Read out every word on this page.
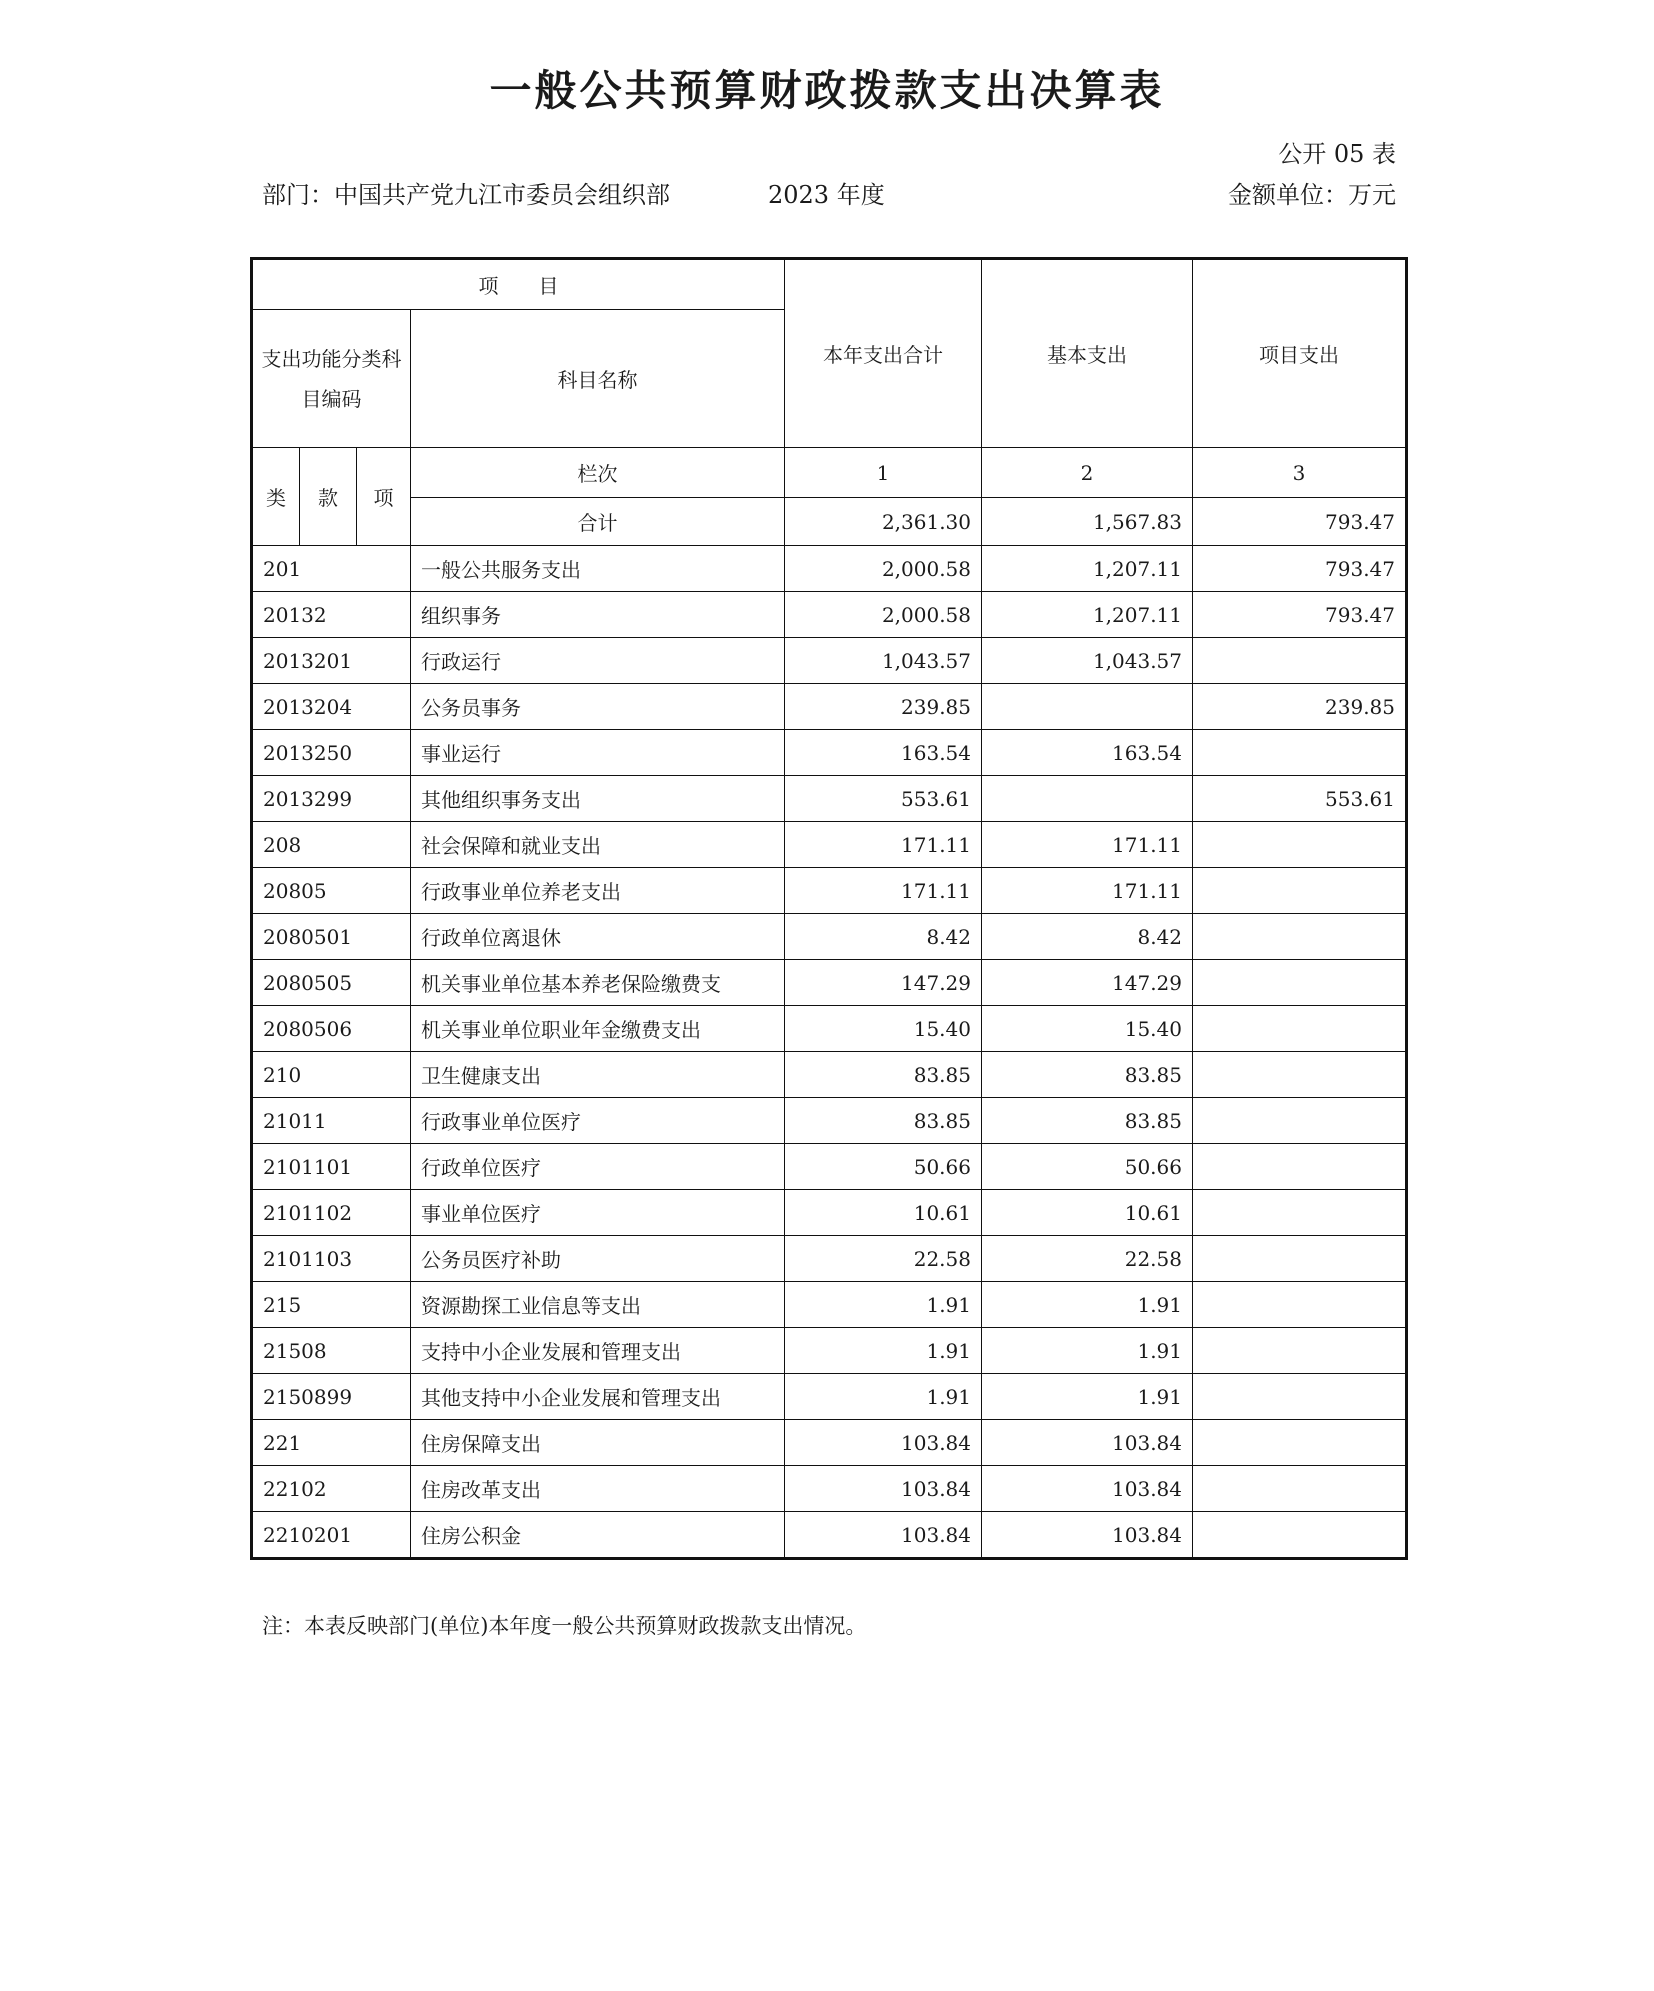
一般公共预算财政拨款支出决算表
公开 05 表
部门：中国共产党九江市委员会组织部	2023 年度	金额单位：万元
项　　目				本年支出合计	基本支出	项目支出
支出功能分类科目编码			科目名称			
类	款	项	栏次	1	2	3
			合计	2,361.30	1,567.83	793.47
201			一般公共服务支出	2,000.58	1,207.11	793.47
20132			组织事务	2,000.58	1,207.11	793.47
2013201			行政运行	1,043.57	1,043.57	
2013204			公务员事务	239.85		239.85
2013250			事业运行	163.54	163.54	
2013299			其他组织事务支出	553.61		553.61
208			社会保障和就业支出	171.11	171.11	
20805			行政事业单位养老支出	171.11	171.11	
2080501			行政单位离退休	8.42	8.42	
2080505			机关事业单位基本养老保险缴费支	147.29	147.29	
2080506			机关事业单位职业年金缴费支出	15.40	15.40	
210			卫生健康支出	83.85	83.85	
21011			行政事业单位医疗	83.85	83.85	
2101101			行政单位医疗	50.66	50.66	
2101102			事业单位医疗	10.61	10.61	
2101103			公务员医疗补助	22.58	22.58	
215			资源勘探工业信息等支出	1.91	1.91	
21508			支持中小企业发展和管理支出	1.91	1.91	
2150899			其他支持中小企业发展和管理支出	1.91	1.91	
221			住房保障支出	103.84	103.84	
22102			住房改革支出	103.84	103.84	
2210201			住房公积金	103.84	103.84	
注：本表反映部门(单位)本年度一般公共预算财政拨款支出情况。
